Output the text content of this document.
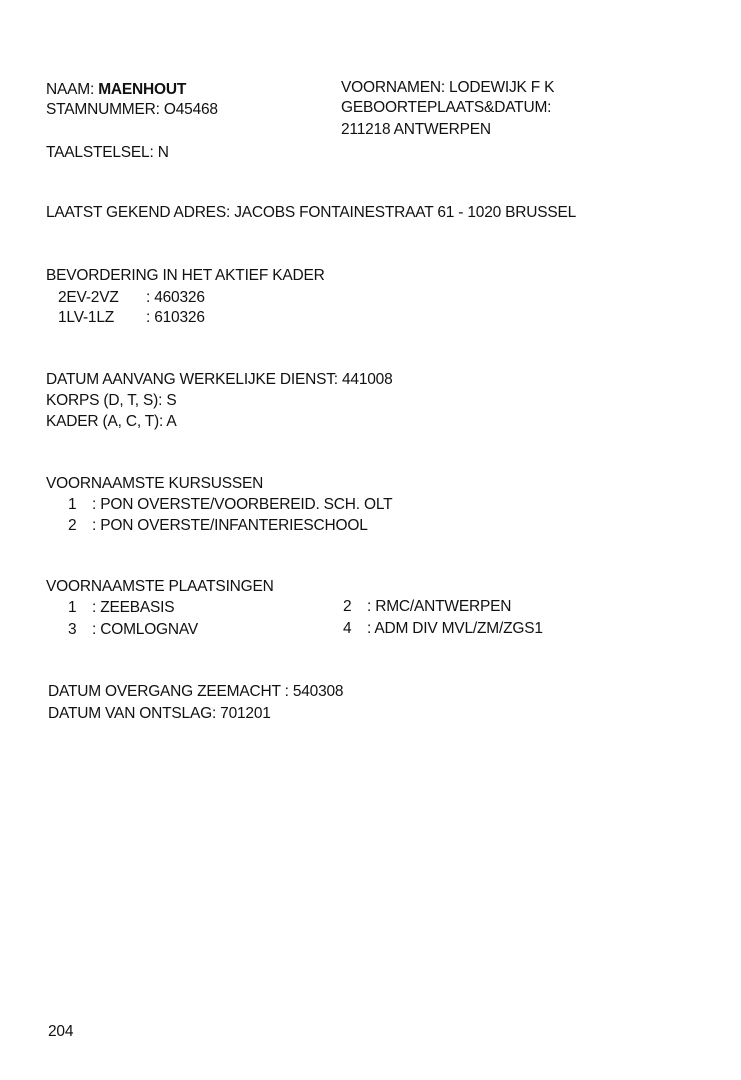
NAAM: MAENHOUT
STAMNUMMER: O45468
VOORNAMEN: LODEWIJK F K
GEBOORTEPLAATS&DATUM:
211218 ANTWERPEN
TAALSTELSEL: N
LAATST GEKEND ADRES: JACOBS FONTAINESTRAAT 61 - 1020 BRUSSEL
BEVORDERING IN HET AKTIEF KADER
2EV-2VZ : 460326
1LV-1LZ : 610326
DATUM AANVANG WERKELIJKE DIENST: 441008
KORPS (D, T, S): S
KADER (A, C, T): A
VOORNAAMSTE KURSUSSEN
1 : PON OVERSTE/VOORBEREID. SCH. OLT
2 : PON OVERSTE/INFANTERIESCHOOL
VOORNAAMSTE PLAATSINGEN
1 : ZEEBASIS
3 : COMLOGNAV
2 : RMC/ANTWERPEN
4 : ADM DIV MVL/ZM/ZGS1
DATUM OVERGANG ZEEMACHT : 540308
DATUM VAN ONTSLAG: 701201
204
